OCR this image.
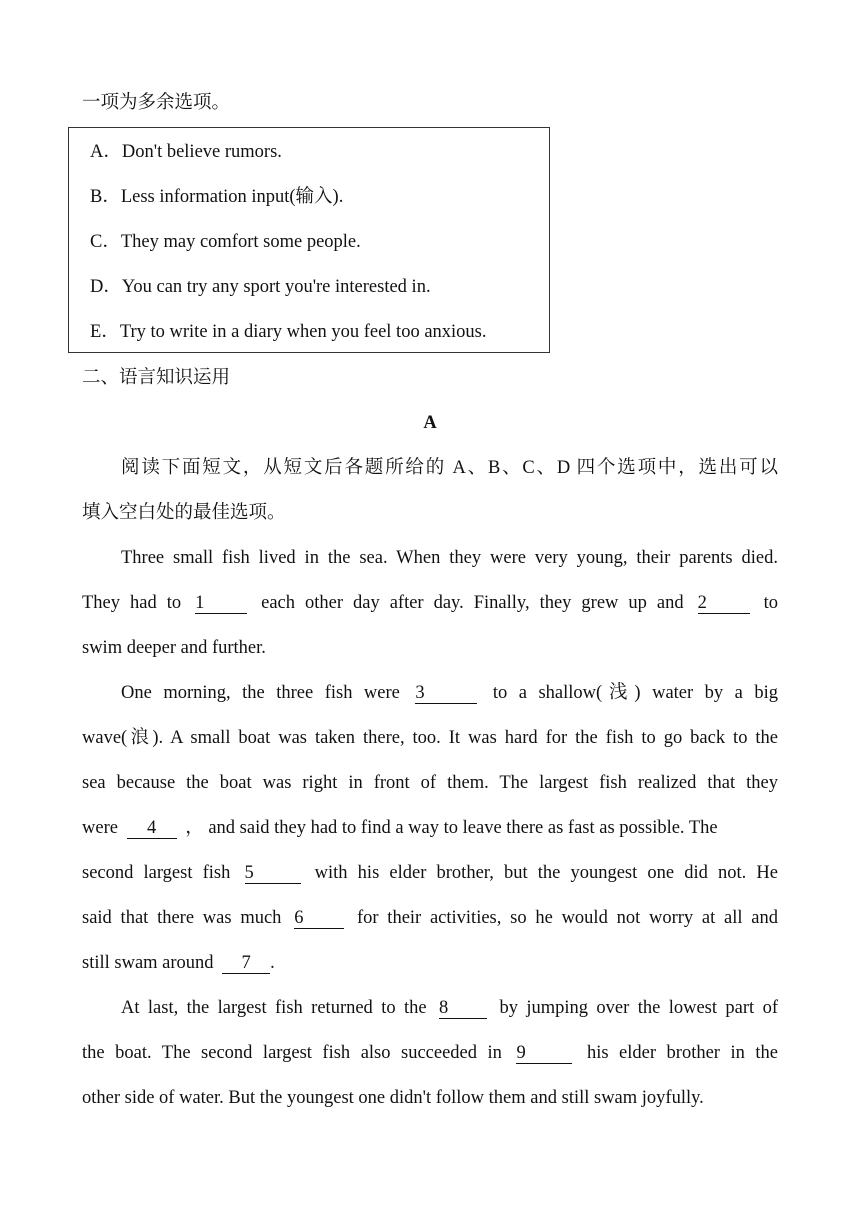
一项为多余选项。
A．Don't believe rumors.
B．Less information input(输入).
C．They may comfort some people.
D．You can try any sport you're interested in.
E．Try to write in a diary when you feel too anxious.
二、语言知识运用
A
阅读下面短文，从短文后各题所给的 A、B、C、D 四个选项中，选出可以
填入空白处的最佳选项。
Three small fish lived in the sea. When they were very young, their parents died.
They had to 1	each other day after day. Finally, they grew up and 2	to
swim deeper and further.
One morning, the three fish were 3	to a shallow(浅) water by a big
wave(浪). A small boat was taken there, too. It was hard for the fish to go back to the
sea because the boat was right in front of them. The largest fish realized that they
were 4 ， and said they had to find a way to leave there as fast as possible. The
second largest fish 5	with his elder brother, but the youngest one did not. He
said that there was much 6	for their activities, so he would not worry at all and
still swam around 7 .
At last, the largest fish returned to the 8	by jumping over the lowest part of
the boat. The second largest fish also succeeded in 9	his elder brother in the
other side of water. But the youngest one didn't follow them and still swam joyfully.
